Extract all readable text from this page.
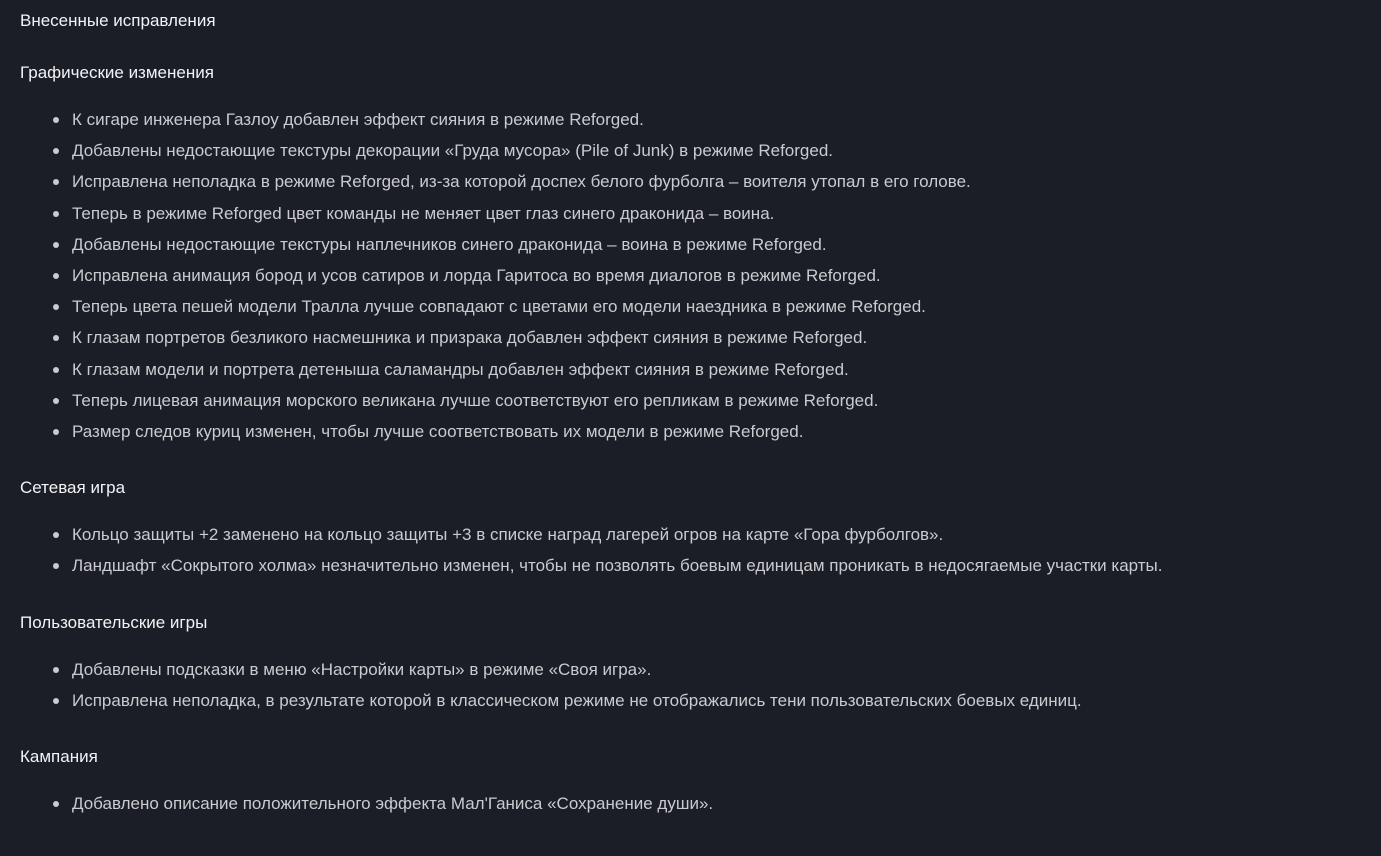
Внесенные исправления
Графические изменения
К сигаре инженера Газлоу добавлен эффект сияния в режиме Reforged.
Добавлены недостающие текстуры декорации «Груда мусора» (Pile of Junk) в режиме Reforged.
Исправлена неполадка в режиме Reforged, из-за которой доспех белого фурболга – воителя утопал в его голове.
Теперь в режиме Reforged цвет команды не меняет цвет глаз синего драконида – воина.
Добавлены недостающие текстуры наплечников синего драконида – воина в режиме Reforged.
Исправлена анимация бород и усов сатиров и лорда Гаритоса во время диалогов в режиме Reforged.
Теперь цвета пешей модели Тралла лучше совпадают с цветами его модели наездника в режиме Reforged.
К глазам портретов безликого насмешника и призрака добавлен эффект сияния в режиме Reforged.
К глазам модели и портрета детеныша саламандры добавлен эффект сияния в режиме Reforged.
Теперь лицевая анимация морского великана лучше соответствуют его репликам в режиме Reforged.
Размер следов куриц изменен, чтобы лучше соответствовать их модели в режиме Reforged.
Сетевая игра
Кольцо защиты +2 заменено на кольцо защиты +3 в списке наград лагерей огров на карте «Гора фурболгов».
Ландшафт «Сокрытого холма» незначительно изменен, чтобы не позволять боевым единицам проникать в недосягаемые участки карты.
Пользовательские игры
Добавлены подсказки в меню «Настройки карты» в режиме «Своя игра».
Исправлена неполадка, в результате которой в классическом режиме не отображались тени пользовательских боевых единиц.
Кампания
Добавлено описание положительного эффекта Мал'Ганиса «Сохранение души».
